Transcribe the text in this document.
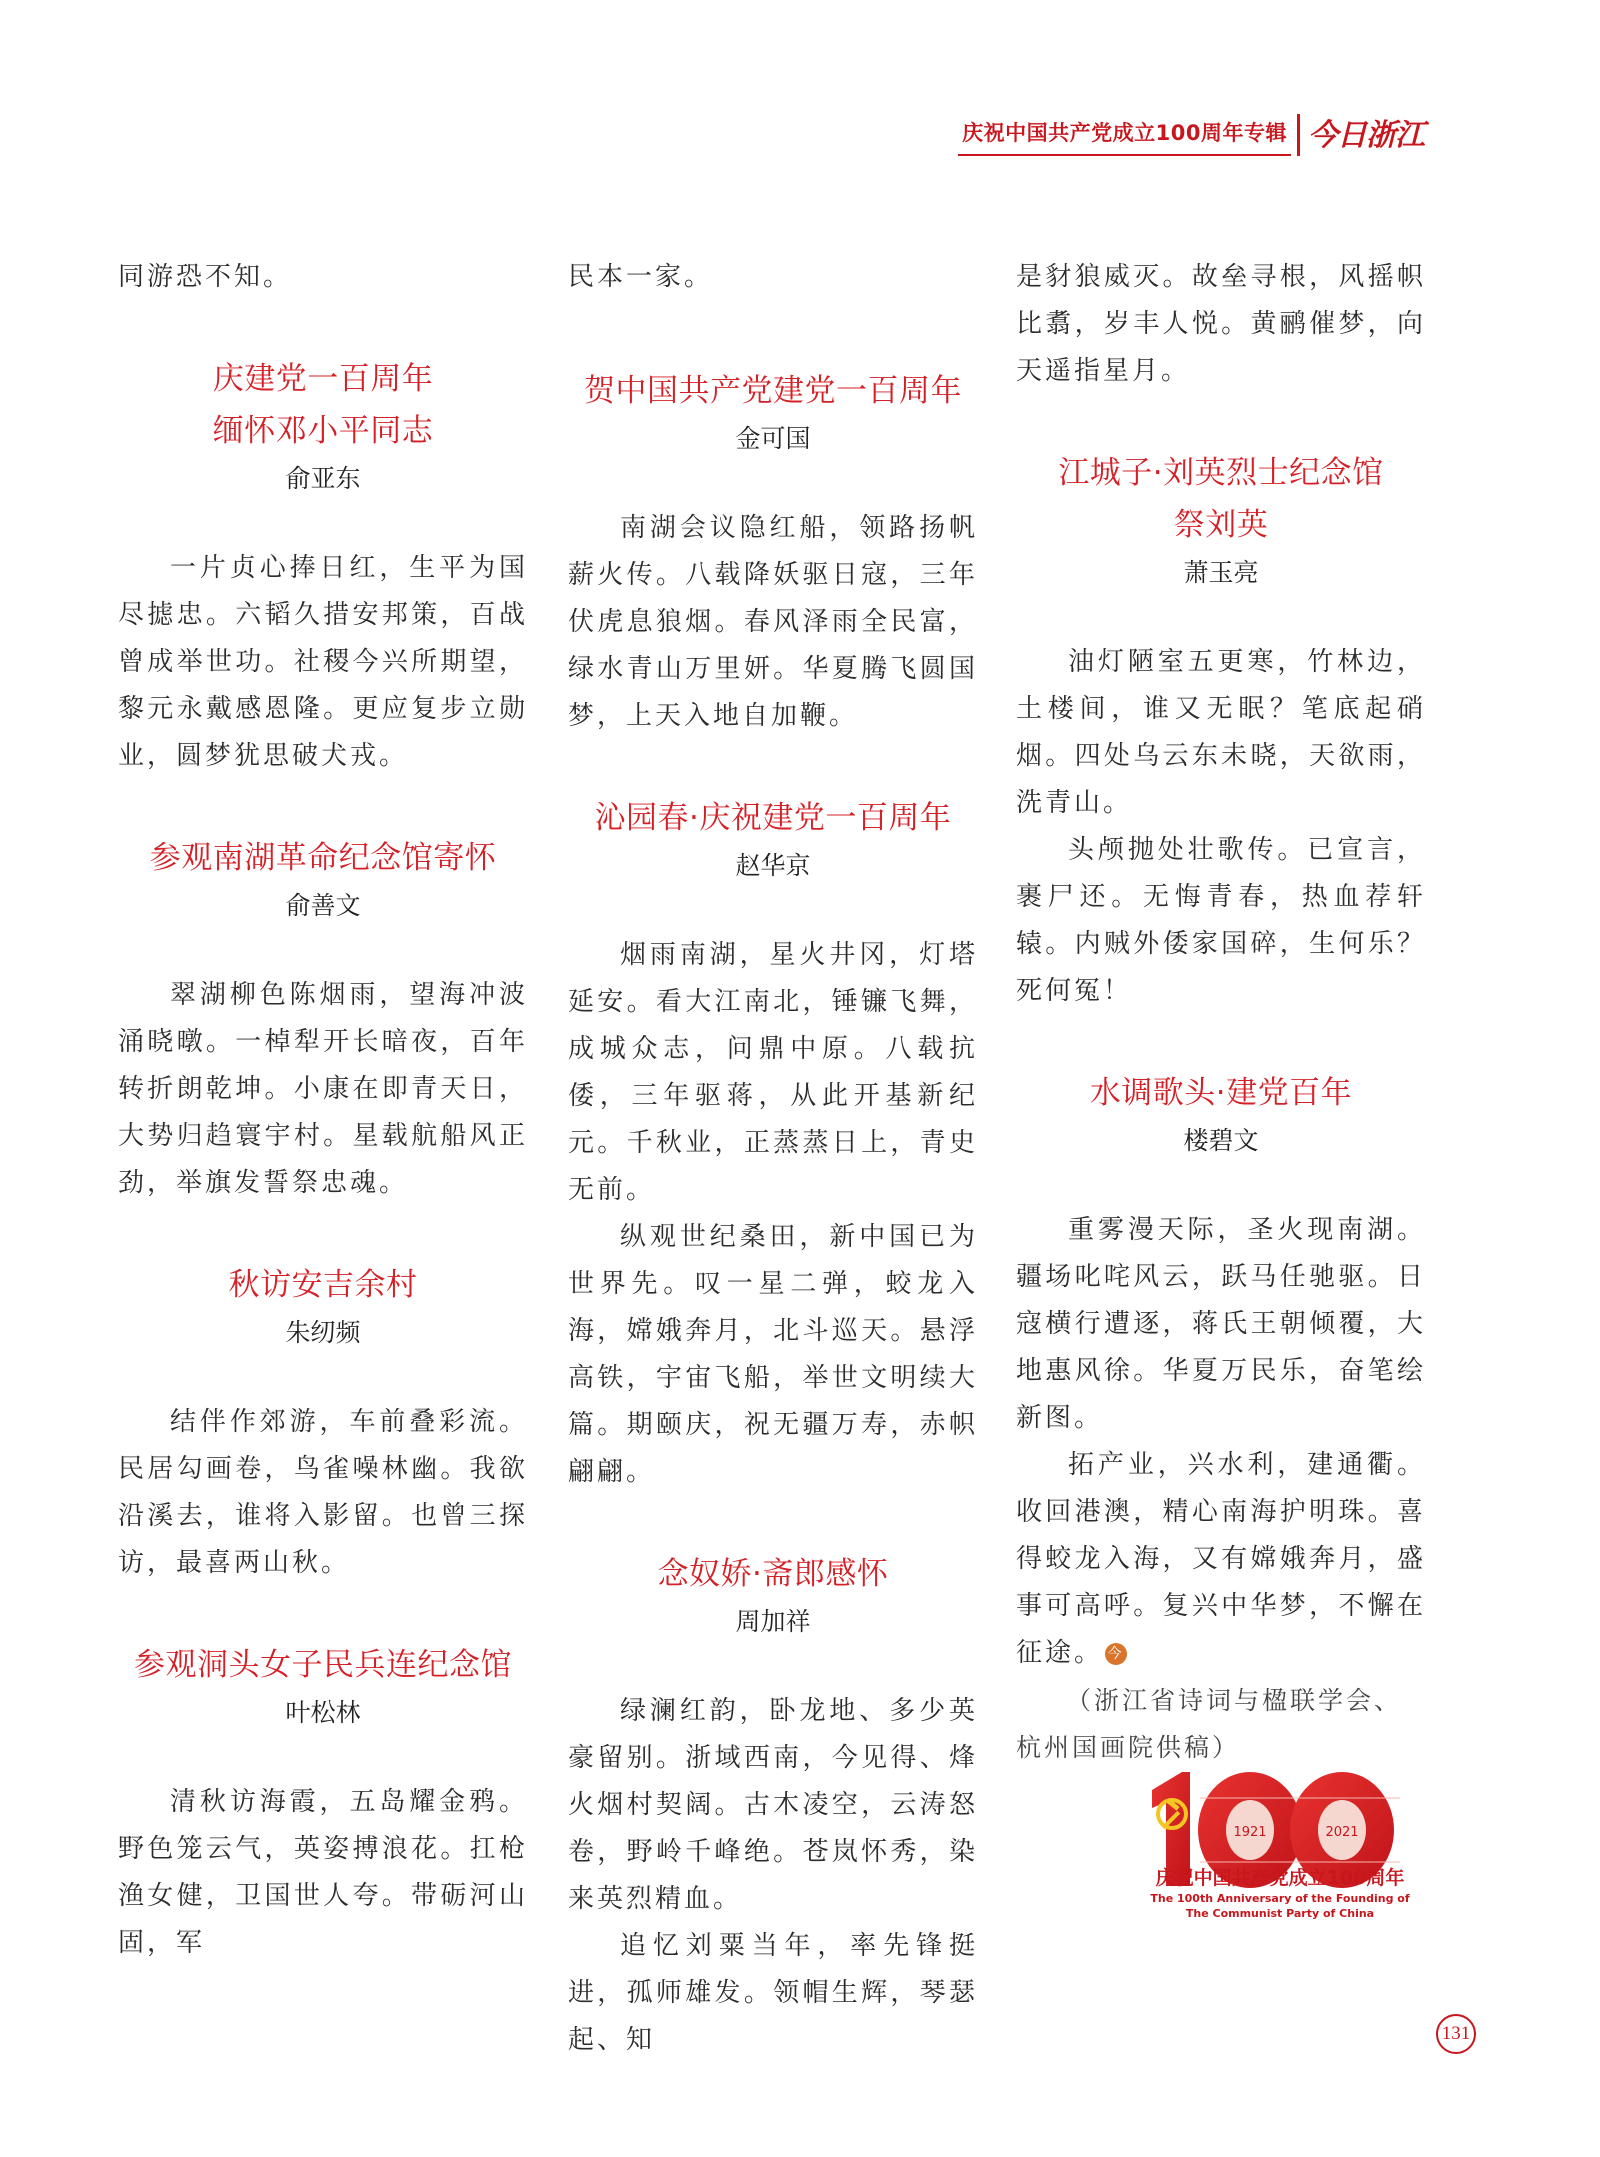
庆祝中国共产党成立100周年专辑 今日浙江

同游恐不知。

庆建党一百周年

缅怀邓小平同志

俞亚东

一片贞心捧日红，生平为国尽摅忠。六韬久措安邦策，百战曾成举世功。社稷今兴所期望，黎元永戴感恩隆。更应复步立勋业，圆梦犹思破犬戎。

参观南湖革命纪念馆寄怀

俞善文

翠湖柳色陈烟雨，望海冲波涌晓暾。一棹犁开长暗夜，百年转折朗乾坤。小康在即青天日，大势归趋寰宇村。星载航船风正劲，举旗发誓祭忠魂。

秋访安吉余村

朱纫频

结伴作郊游，车前叠彩流。民居勾画卷，鸟雀噪林幽。我欲沿溪去，谁将入影留。也曾三探访，最喜两山秋。

参观洞头女子民兵连纪念馆

叶松林

清秋访海霞，五岛耀金鸦。野色笼云气，英姿搏浪花。扛枪渔女健，卫国世人夸。带砺河山固，军

民本一家。

贺中国共产党建党一百周年

金可国

南湖会议隐红船，领路扬帆薪火传。八载降妖驱日寇，三年伏虎息狼烟。春风泽雨全民富，绿水青山万里妍。华夏腾飞圆国梦，上天入地自加鞭。

沁园春·庆祝建党一百周年

赵华京

烟雨南湖，星火井冈，灯塔延安。看大江南北，锤镰飞舞，成城众志，问鼎中原。八载抗倭，三年驱蒋，从此开基新纪元。千秋业，正蒸蒸日上，青史无前。

纵观世纪桑田，新中国已为世界先。叹一星二弹，蛟龙入海，嫦娥奔月，北斗巡天。悬浮高铁，宇宙飞船，举世文明续大篇。期颐庆，祝无疆万寿，赤帜翩翩。

念奴娇·斋郎感怀

周加祥

绿澜红韵，卧龙地、多少英豪留别。浙域西南，今见得、烽火烟村契阔。古木凌空，云涛怒卷，野岭千峰绝。苍岚怀秀，染来英烈精血。

追忆刘粟当年，率先锋挺进，孤师雄发。领帽生辉，琴瑟起、知

是豺狼威灭。故垒寻根，风摇帜比翥，岁丰人悦。黄鹂催梦，向天遥指星月。

江城子·刘英烈士纪念馆

祭刘英

萧玉亮

油灯陋室五更寒，竹林边，土楼间，谁又无眠？笔底起硝烟。四处乌云东未晓，天欲雨，洗青山。

头颅抛处壮歌传。已宣言，裹尸还。无悔青春，热血荐轩辕。内贼外倭家国碎，生何乐？死何冤！

水调歌头·建党百年

楼碧文

重雾漫天际，圣火现南湖。疆场叱咤风云，跃马任驰驱。日寇横行遭逐，蒋氏王朝倾覆，大地惠风徐。华夏万民乐，奋笔绘新图。

拓产业，兴水利，建通衢。收回港澳，精心南海护明珠。喜得蛟龙入海，又有嫦娥奔月，盛事可高呼。复兴中华梦，不懈在征途。 今

（浙江省诗词与楹联学会、杭州国画院供稿）

1921	2021
庆祝中国共产党成立100周年
The 100th Anniversary of the Founding of
The Communist Party of China
131
